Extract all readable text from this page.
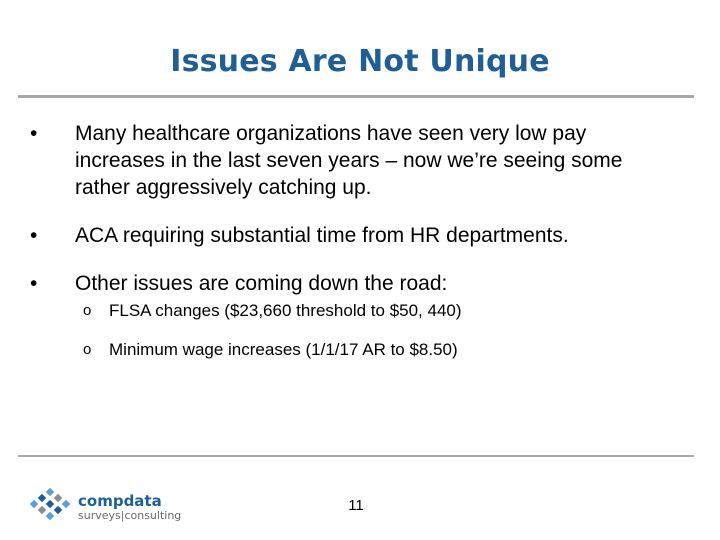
Issues Are Not Unique
• Many healthcare organizations have seen very low pay increases in the last seven years – now we’re seeing some rather aggressively catching up.
• ACA requiring substantial time from HR departments.
• Other issues are coming down the road:
o FLSA changes ($23,660 threshold to $50, 440)
o Minimum wage increases (1/1/17 AR to $8.50)
compdata
surveys|consulting
11
